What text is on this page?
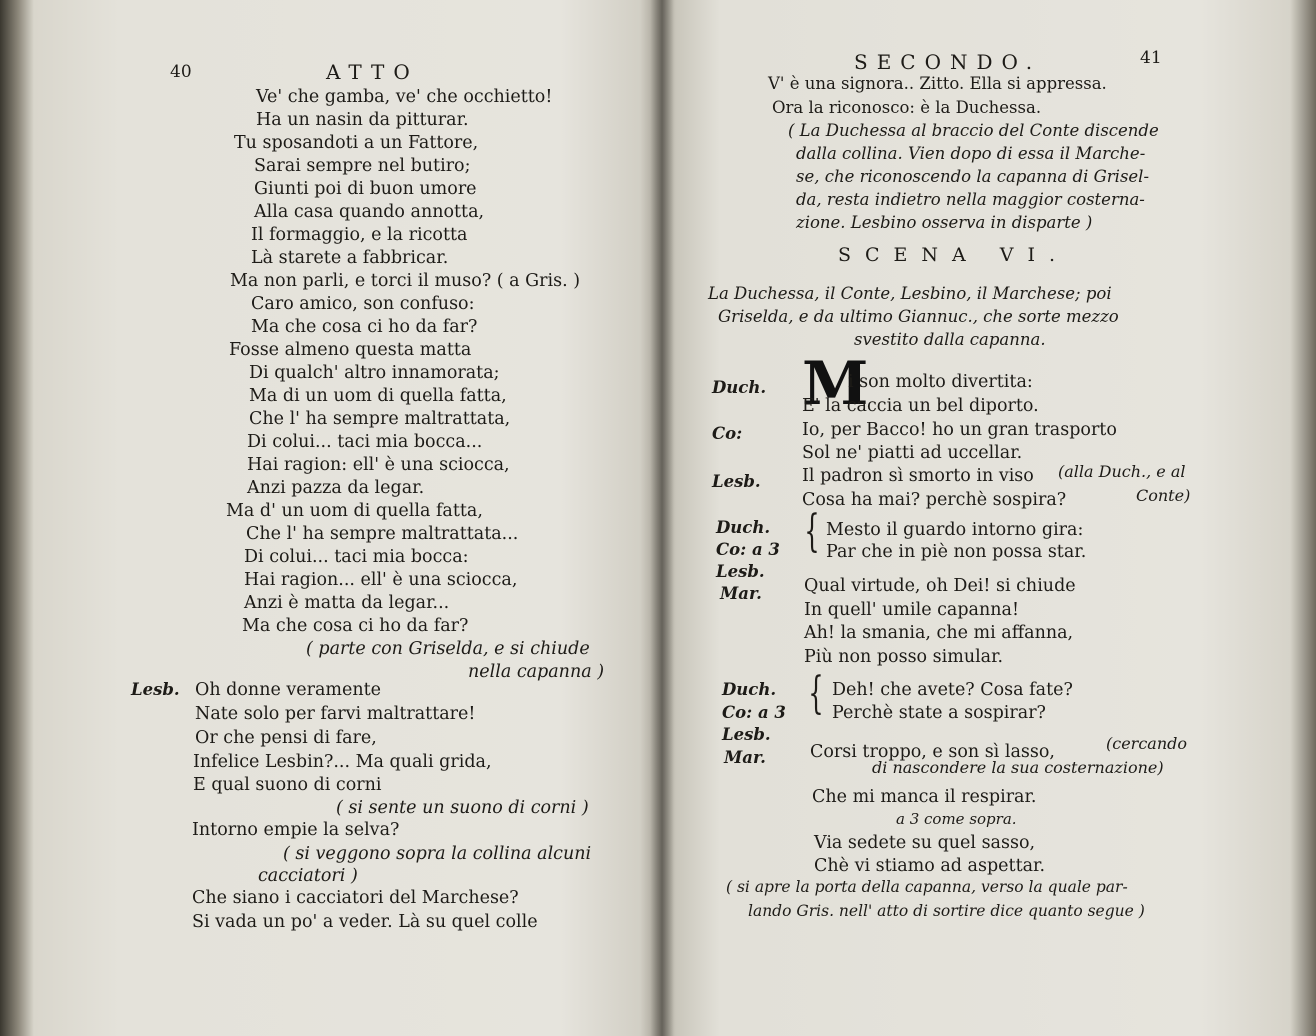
40	ATTO
Ve' che gamba, ve' che occhietto!
Ha un nasin da pitturar.
Tu sposandoti a un Fattore,
Sarai sempre nel butiro;
Giunti poi di buon umore
Alla casa quando annotta,
Il formaggio, e la ricotta
Là starete a fabbricar.
Ma non parli, e torci il muso? ( a Gris. )
Caro amico, son confuso:
Ma che cosa ci ho da far?
Fosse almeno questa matta
Di qualch' altro innamorata;
Ma di un uom di quella fatta,
Che l' ha sempre maltrattata,
Di colui... taci mia bocca...
Hai ragion: ell' è una sciocca,
Anzi pazza da legar.
Ma d' un uom di quella fatta,
Che l' ha sempre maltrattata...
Di colui... taci mia bocca:
Hai ragion... ell' è una sciocca,
Anzi è matta da legar...
Ma che cosa ci ho da far?
( parte con Griselda, e si chiude
nella capanna )
Lesb. Oh donne veramente
Nate solo per farvi maltrattare!
Or che pensi di fare,
Infelice Lesbin?... Ma quali grida,
E qual suono di corni
( si sente un suono di corni )
Intorno empie la selva?
( si veggono sopra la collina alcuni
cacciatori )
Che siano i cacciatori del Marchese?
Si vada un po' a veder. Là su quel colle
SECONDO.	41
V' è una signora.. Zitto. Ella si appressa.
Ora la riconosco: è la Duchessa.
( La Duchessa al braccio del Conte discende
dalla collina. Vien dopo di essa il Marche-
se, che riconoscendo la capanna di Grisel-
da, resta indietro nella maggior costerna-
zione. Lesbino osserva in disparte )
SCENA VI.
La Duchessa, il Conte, Lesbino, il Marchese; poi
Griselda, e da ultimo Giannuc., che sorte mezzo
svestito dalla capanna.
Duch. M
i son molto divertita:
E' la caccia un bel diporto.
Co:	Io, per Bacco! ho un gran trasporto
Sol ne' piatti ad uccellar.
Lesb. Il padron sì smorto in viso (alla Duch., e al
Cosa ha mai? perchè sospira?	Conte)
Duch.
Co: a 3
Lesb.
{ Mesto il guardo intorno gira:
Par che in piè non possa star.
Mar. Qual virtude, oh Dei! si chiude
In quell' umile capanna!
Ah! la smania, che mi affanna,
Più non posso simular.
Duch.
Co: a 3
Lesb.
{ Deh! che avete? Cosa fate?
Perchè state a sospirar?
Mar.	Corsi troppo, e son sì lasso,	(cercando
di nascondere la sua costernazione)
Che mi manca il respirar.
a 3 come sopra.
Via sedete su quel sasso,
Chè vi stiamo ad aspettar.
( si apre la porta della capanna, verso la quale par-
lando Gris. nell' atto di sortire dice quanto segue )
